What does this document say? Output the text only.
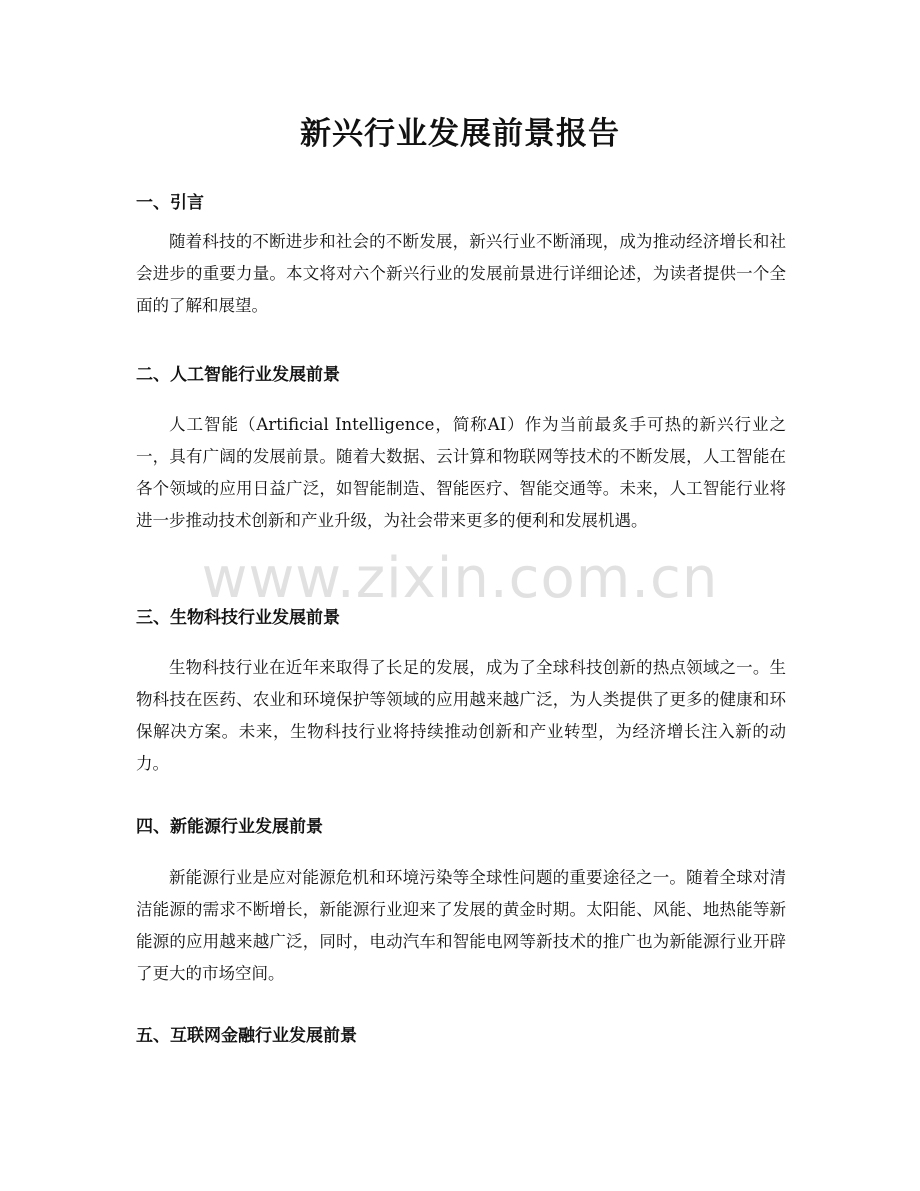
新兴行业发展前景报告
一、引言

随着科技的不断进步和社会的不断发展，新兴行业不断涌现，成为推动经济增长和社会进步的重要力量。本文将对六个新兴行业的发展前景进行详细论述，为读者提供一个全面的了解和展望。

二、人工智能行业发展前景

人工智能（Artificial Intelligence，简称AI）作为当前最炙手可热的新兴行业之一，具有广阔的发展前景。随着大数据、云计算和物联网等技术的不断发展，人工智能在各个领域的应用日益广泛，如智能制造、智能医疗、智能交通等。未来，人工智能行业将进一步推动技术创新和产业升级，为社会带来更多的便利和发展机遇。

三、生物科技行业发展前景

生物科技行业在近年来取得了长足的发展，成为了全球科技创新的热点领域之一。生物科技在医药、农业和环境保护等领域的应用越来越广泛，为人类提供了更多的健康和环保解决方案。未来，生物科技行业将持续推动创新和产业转型，为经济增长注入新的动力。

四、新能源行业发展前景

新能源行业是应对能源危机和环境污染等全球性问题的重要途径之一。随着全球对清洁能源的需求不断增长，新能源行业迎来了发展的黄金时期。太阳能、风能、地热能等新能源的应用越来越广泛，同时，电动汽车和智能电网等新技术的推广也为新能源行业开辟了更大的市场空间。

五、互联网金融行业发展前景
www.zixin.com.cn
